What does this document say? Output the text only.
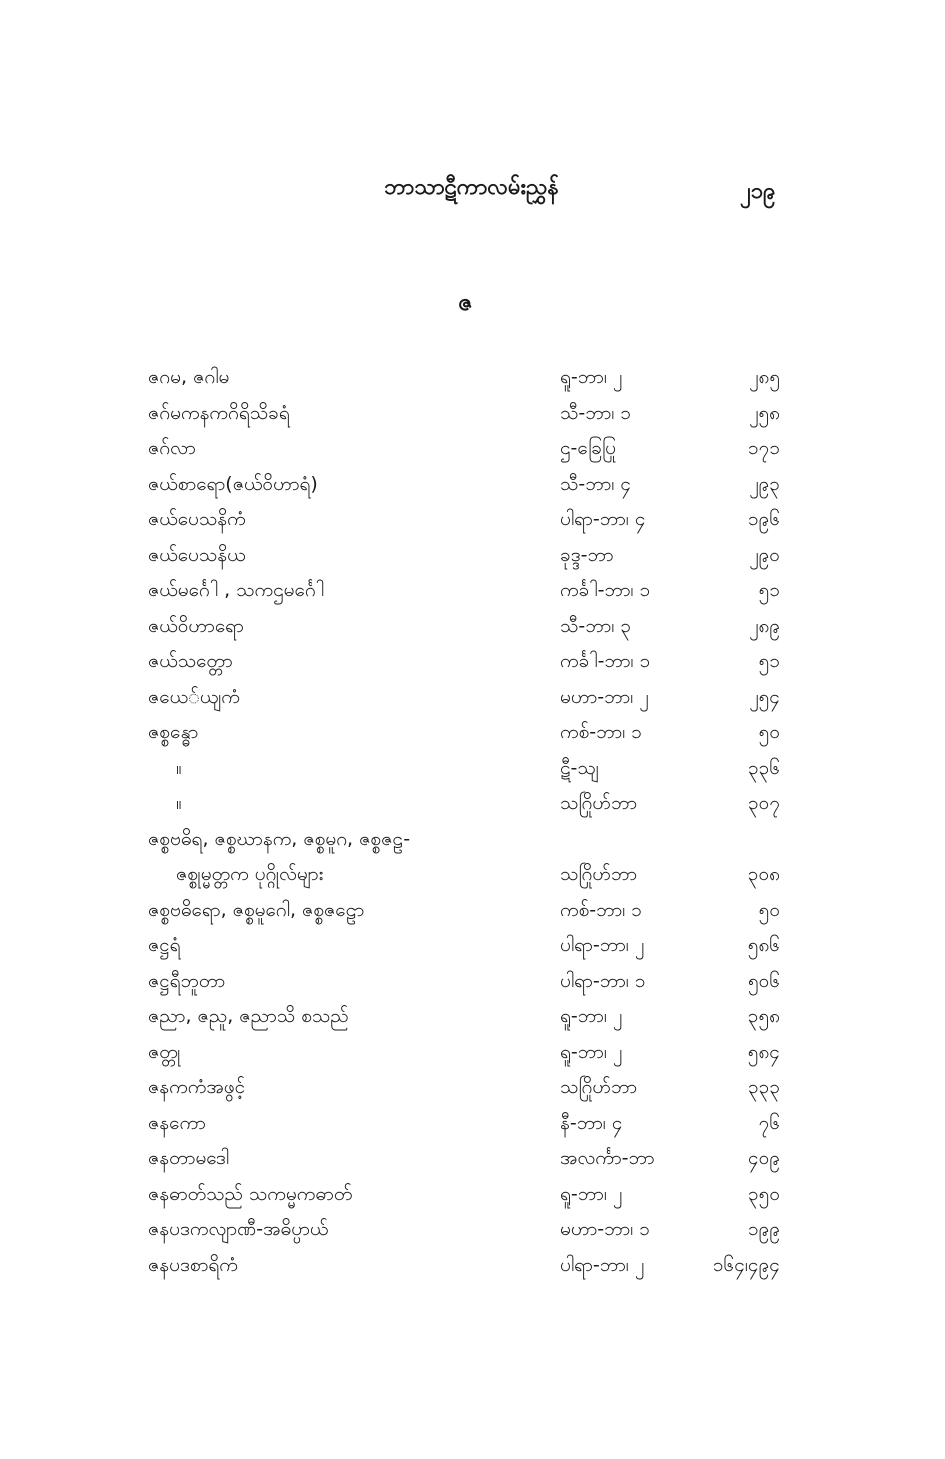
ဘာသာဋီကာလမ်းညွှန်	၂၁၉
ဇ
ဇဂမ, ဇဂါမ	ရူ-ဘာ၊ ၂	၂၈၅
ဇဂ်မကနကဂိရိသိခရံ	သီ-ဘာ၊ ၁	၂၅၈
ဇဂ်လာ	ဌ-ခြေပြု	၁၇၁
ဇယ်စာရော(ဇယ်ဝိဟာရံ)	သီ-ဘာ၊ ၄	၂၉၃
ဇယ်ပေသနိကံ	ပါရာ-ဘာ၊ ၄	၁၉၆
ဇယ်ပေသနိယ	ခုဒ္ဒ-ဘာ	၂၉၀
ဇယ်မင်္ဂေါ , သကဌမင်္ဂေါ	ကင်္ခါ-ဘာ၊ ၁	၅၁
ဇယ်ဝိဟာရော	သီ-ဘာ၊ ၃	၂၈၉
ဇယ်သတ္တော	ကင်္ခါ-ဘာ၊ ၁	၅၁
ဇယေ်ယျကံ	မဟာ-ဘာ၊ ၂	၂၅၄
ဇစ္စန္ဓော	ကစ်-ဘာ၊ ၁	၅၀
။	ဋီ-သျ	၃၃၆
။	သဂြိုဟ်ဘာ	၃၀၇
ဇစ္စဗဓိရ, ဇစ္စဃာနက, ဇစ္စမူဂ, ဇစ္စဇဠ-
ဇစ္စုမ္မတ္တက ပုဂ္ဂိုလ်များ	သဂြိုဟ်ဘာ	၃၀၈
ဇစ္စဗဓိရော, ဇစ္စမူဂေါ, ဇစ္စဇဠော	ကစ်-ဘာ၊ ၁	၅၀
ဇဋ္ဌရံ	ပါရာ-ဘာ၊ ၂	၅၈၆
ဇဋ္ဌရီဘူတာ	ပါရာ-ဘာ၊ ၁	၅၀၆
ဇညာ, ဇညူ, ဇညာသိ စသည်	ရူ-ဘာ၊ ၂	၃၅၈
ဇတ္တု	ရူ-ဘာ၊ ၂	၅၈၄
ဇနကကံအဖွင့်	သဂြိုဟ်ဘာ	၃၃၃
ဇနကော	နီ-ဘာ၊ ၄	၇၆
ဇနတာမဒေါ	အလင်္ကာ-ဘာ	၄၀၉
ဇနဓာတ်သည် သကမ္မကဓာတ်	ရူ-ဘာ၊ ၂	၃၅၀
ဇနပဒကလျာဏီ-အဓိပ္ပာယ်	မဟာ-ဘာ၊ ၁	၁၉၉
ဇနပဒစာရိကံ	ပါရာ-ဘာ၊ ၂	၁၆၄၊၄၉၄
